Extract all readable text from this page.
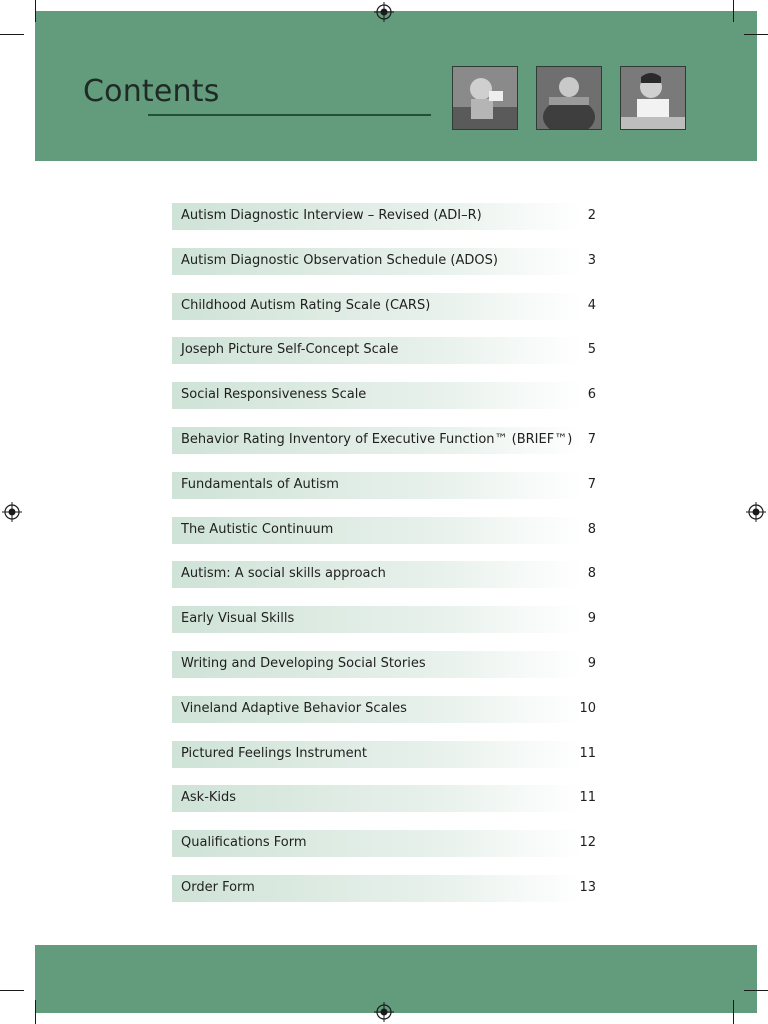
Contents
Autism Diagnostic Interview – Revised (ADI–R)	2
Autism Diagnostic Observation Schedule (ADOS)	3
Childhood Autism Rating Scale (CARS)	4
Joseph Picture Self-Concept Scale	5
Social Responsiveness Scale	6
Behavior Rating Inventory of Executive Function™ (BRIEF™) 7
Fundamentals of Autism	7
The Autistic Continuum	8
Autism: A social skills approach	8
Early Visual Skills	9
Writing and Developing Social Stories	9
Vineland Adaptive Behavior Scales	10
Pictured Feelings Instrument	11
Ask-Kids	11
Qualifications Form	12
Order Form	13
